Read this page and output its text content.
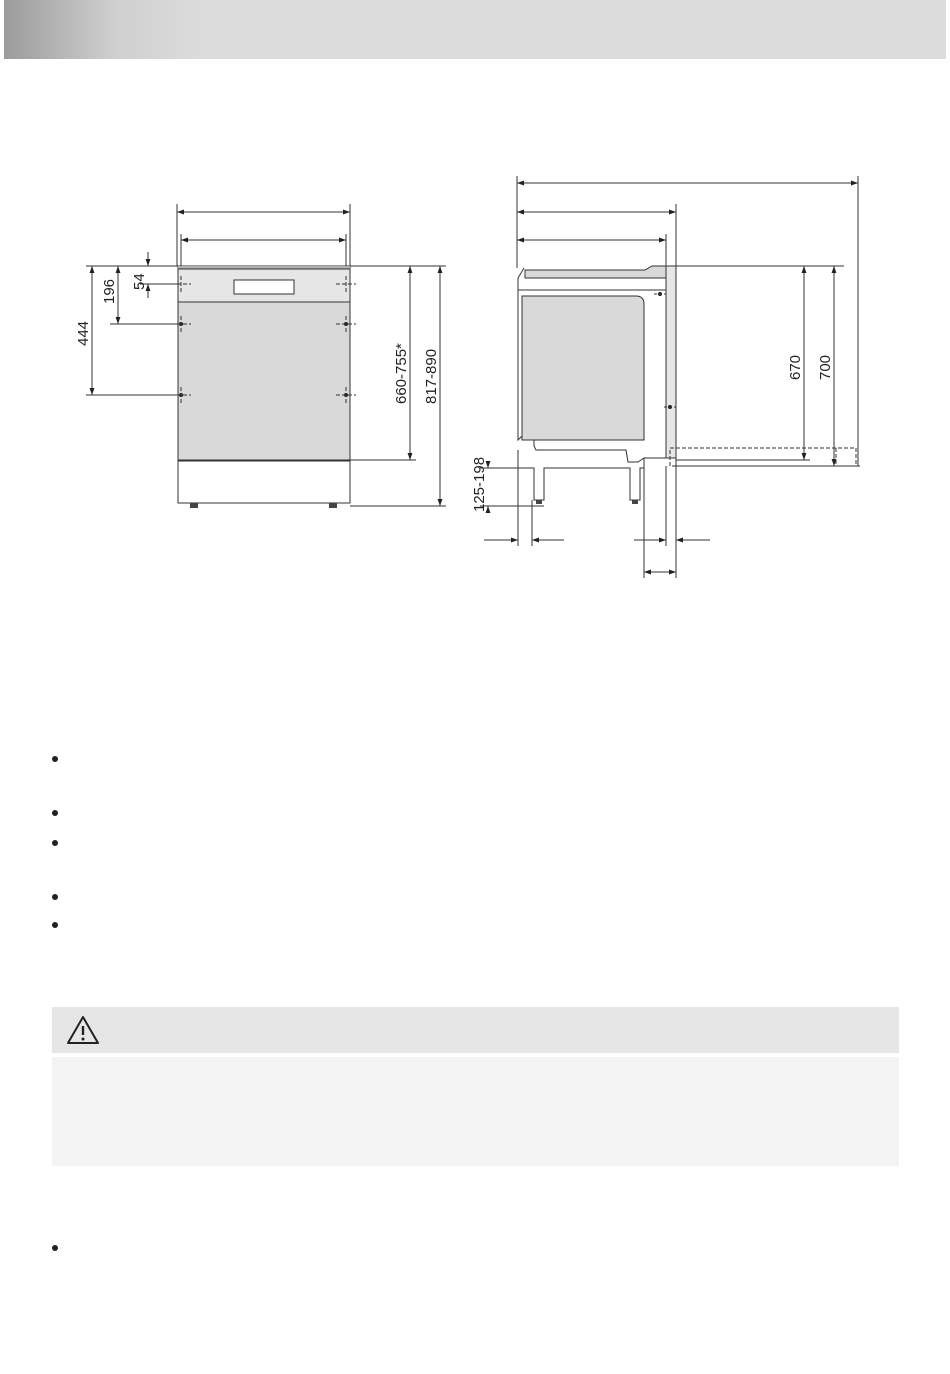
54
196
444
660-755* 817-890	670 700
125-198
